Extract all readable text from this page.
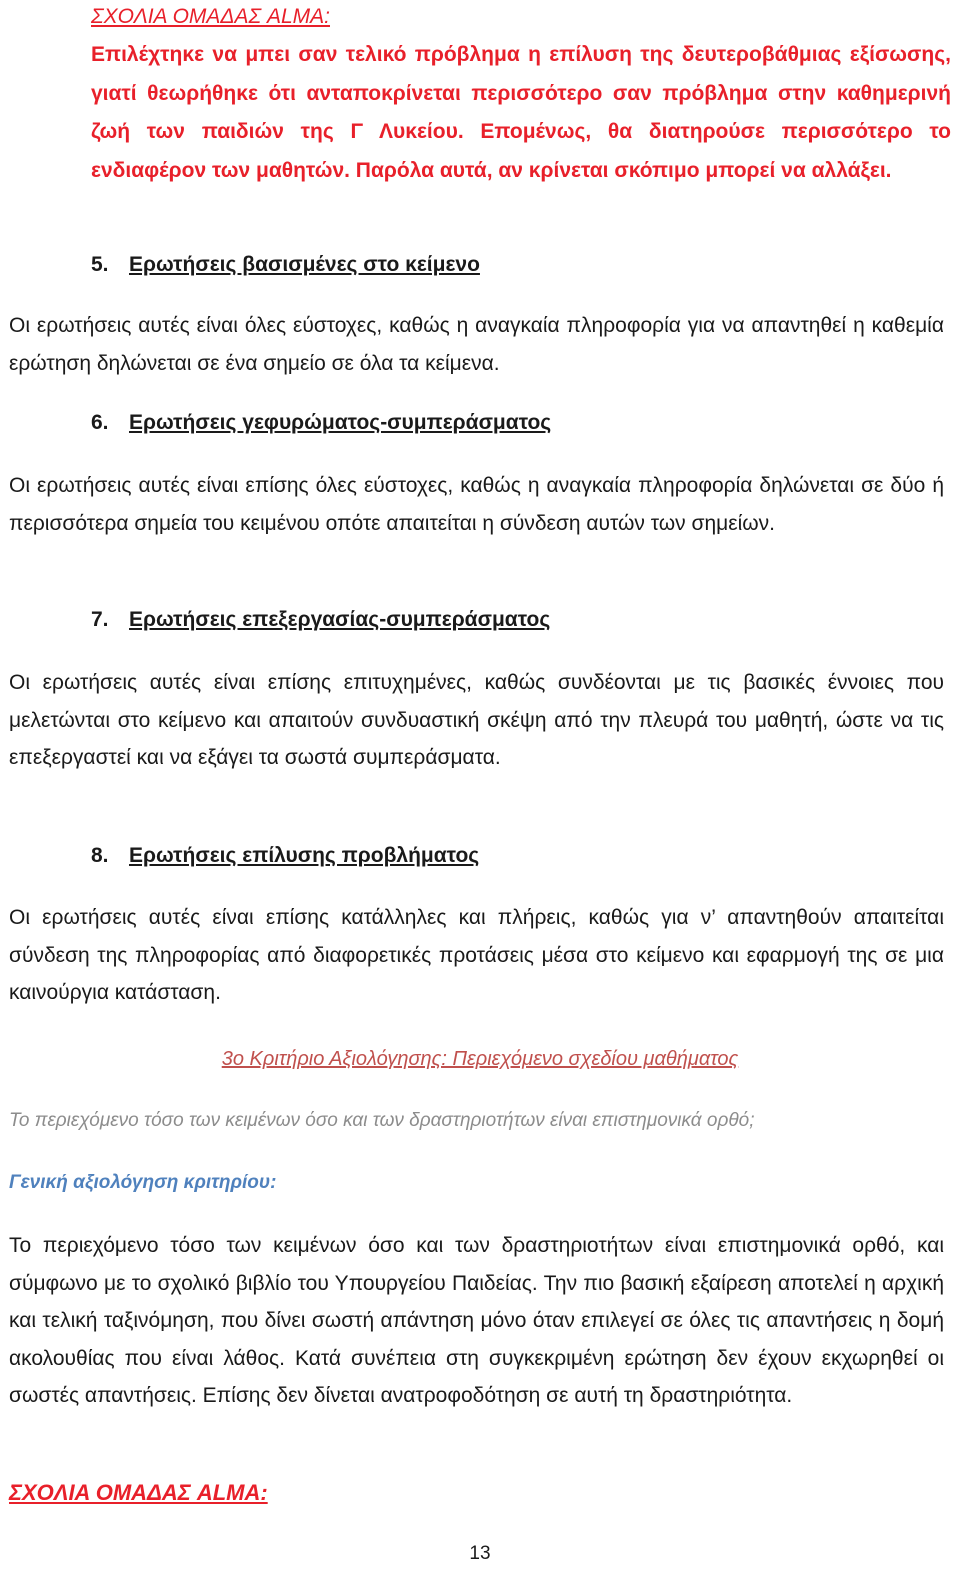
ΣΧΟΛΙΑ ΟΜΑΔΑΣ ALMA:
Επιλέχτηκε να μπει σαν τελικό πρόβλημα η επίλυση της δευτεροβάθμιας εξίσωσης, γιατί θεωρήθηκε ότι ανταποκρίνεται περισσότερο σαν πρόβλημα στην καθημερινή ζωή των παιδιών της Γ Λυκείου. Επομένως, θα διατηρούσε περισσότερο το ενδιαφέρον των μαθητών. Παρόλα αυτά, αν κρίνεται σκόπιμο μπορεί να αλλάξει.
5. Ερωτήσεις βασισμένες στο κείμενο
Οι ερωτήσεις αυτές είναι όλες εύστοχες, καθώς η αναγκαία πληροφορία για να απαντηθεί η καθεμία ερώτηση δηλώνεται σε ένα σημείο σε όλα τα κείμενα.
6. Ερωτήσεις γεφυρώματος-συμπεράσματος
Οι ερωτήσεις αυτές είναι επίσης όλες εύστοχες, καθώς η αναγκαία πληροφορία δηλώνεται σε δύο ή περισσότερα σημεία του κειμένου οπότε απαιτείται η σύνδεση αυτών των σημείων.
7. Ερωτήσεις επεξεργασίας-συμπεράσματος
Οι ερωτήσεις αυτές είναι επίσης επιτυχημένες, καθώς συνδέονται με τις βασικές έννοιες που μελετώνται στο κείμενο και απαιτούν συνδυαστική σκέψη από την πλευρά του μαθητή, ώστε να τις επεξεργαστεί και να εξάγει τα σωστά συμπεράσματα.
8. Ερωτήσεις επίλυσης προβλήματος
Οι ερωτήσεις αυτές είναι επίσης κατάλληλες και πλήρεις, καθώς για ν’ απαντηθούν απαιτείται σύνδεση της πληροφορίας από διαφορετικές προτάσεις μέσα στο κείμενο και εφαρμογή της σε μια καινούργια κατάσταση.
3ο Κριτήριο Αξιολόγησης: Περιεχόμενο σχεδίου μαθήματος
Το περιεχόμενο τόσο των κειμένων όσο και των δραστηριοτήτων είναι επιστημονικά ορθό;
Γενική αξιολόγηση κριτηρίου:
Το περιεχόμενο τόσο των κειμένων όσο και των δραστηριοτήτων είναι επιστημονικά ορθό, και σύμφωνο με το σχολικό βιβλίο του Υπουργείου Παιδείας. Την πιο βασική εξαίρεση αποτελεί η αρχική και τελική ταξινόμηση, που δίνει σωστή απάντηση μόνο όταν επιλεγεί σε όλες τις απαντήσεις η δομή ακολουθίας που είναι λάθος. Κατά συνέπεια στη συγκεκριμένη ερώτηση δεν έχουν εκχωρηθεί οι σωστές απαντήσεις. Επίσης δεν δίνεται ανατροφοδότηση σε αυτή τη δραστηριότητα.
ΣΧΟΛΙΑ ΟΜΑΔΑΣ ALMA:
13
